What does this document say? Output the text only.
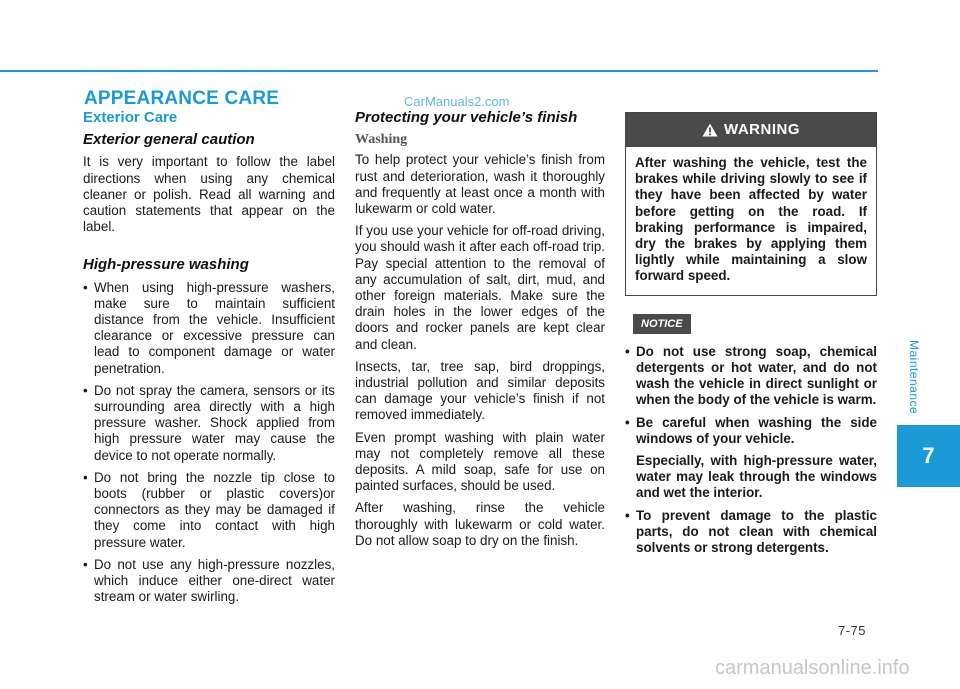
APPEARANCE CARE	CarManuals2.com
Exterior Care
Exterior general caution

It is very important to follow the label directions when using any chemical cleaner or polish. Read all warning and caution statements that appear on the label.

High-pressure washing
• When using high-pressure washers, make sure to maintain sufficient distance from the vehicle. Insufficient clearance or excessive pressure can lead to component damage or water penetration.
• Do not spray the camera, sensors or its surrounding area directly with a high pressure washer. Shock applied from high pressure water may cause the device to not operate normally.
• Do not bring the nozzle tip close to boots (rubber or plastic covers)or connectors as they may be damaged if they come into contact with high pressure water.
• Do not use any high-pressure nozzles, which induce either one-direct water stream or water swirling.
Protecting your vehicle’s finish
Washing

To help protect your vehicle’s finish from rust and deterioration, wash it thoroughly and frequently at least once a month with lukewarm or cold water.

If you use your vehicle for off-road driving, you should wash it after each off-road trip. Pay special attention to the removal of any accumulation of salt, dirt, mud, and other foreign materials. Make sure the drain holes in the lower edges of the doors and rocker panels are kept clear and clean.

Insects, tar, tree sap, bird droppings, industrial pollution and similar deposits can damage your vehicle’s finish if not removed immediately.

Even prompt washing with plain water may not completely remove all these deposits. A mild soap, safe for use on painted surfaces, should be used.

After washing, rinse the vehicle thoroughly with lukewarm or cold water. Do not allow soap to dry on the finish.

WARNING

After washing the vehicle, test the brakes while driving slowly to see if they have been affected by water before getting on the road. If braking performance is impaired, dry the brakes by applying them lightly while maintaining a slow forward speed.

NOTICE
• Do not use strong soap, chemical detergents or hot water, and do not wash the vehicle in direct sunlight or when the body of the vehicle is warm.
• Be careful when washing the side windows of your vehicle.

Especially, with high-pressure water, water may leak through the windows and wet the interior.

• To prevent damage to the plastic parts, do not clean with chemical solvents or strong detergents.
Maintenance
7
7-75
carmanualsonline.info
